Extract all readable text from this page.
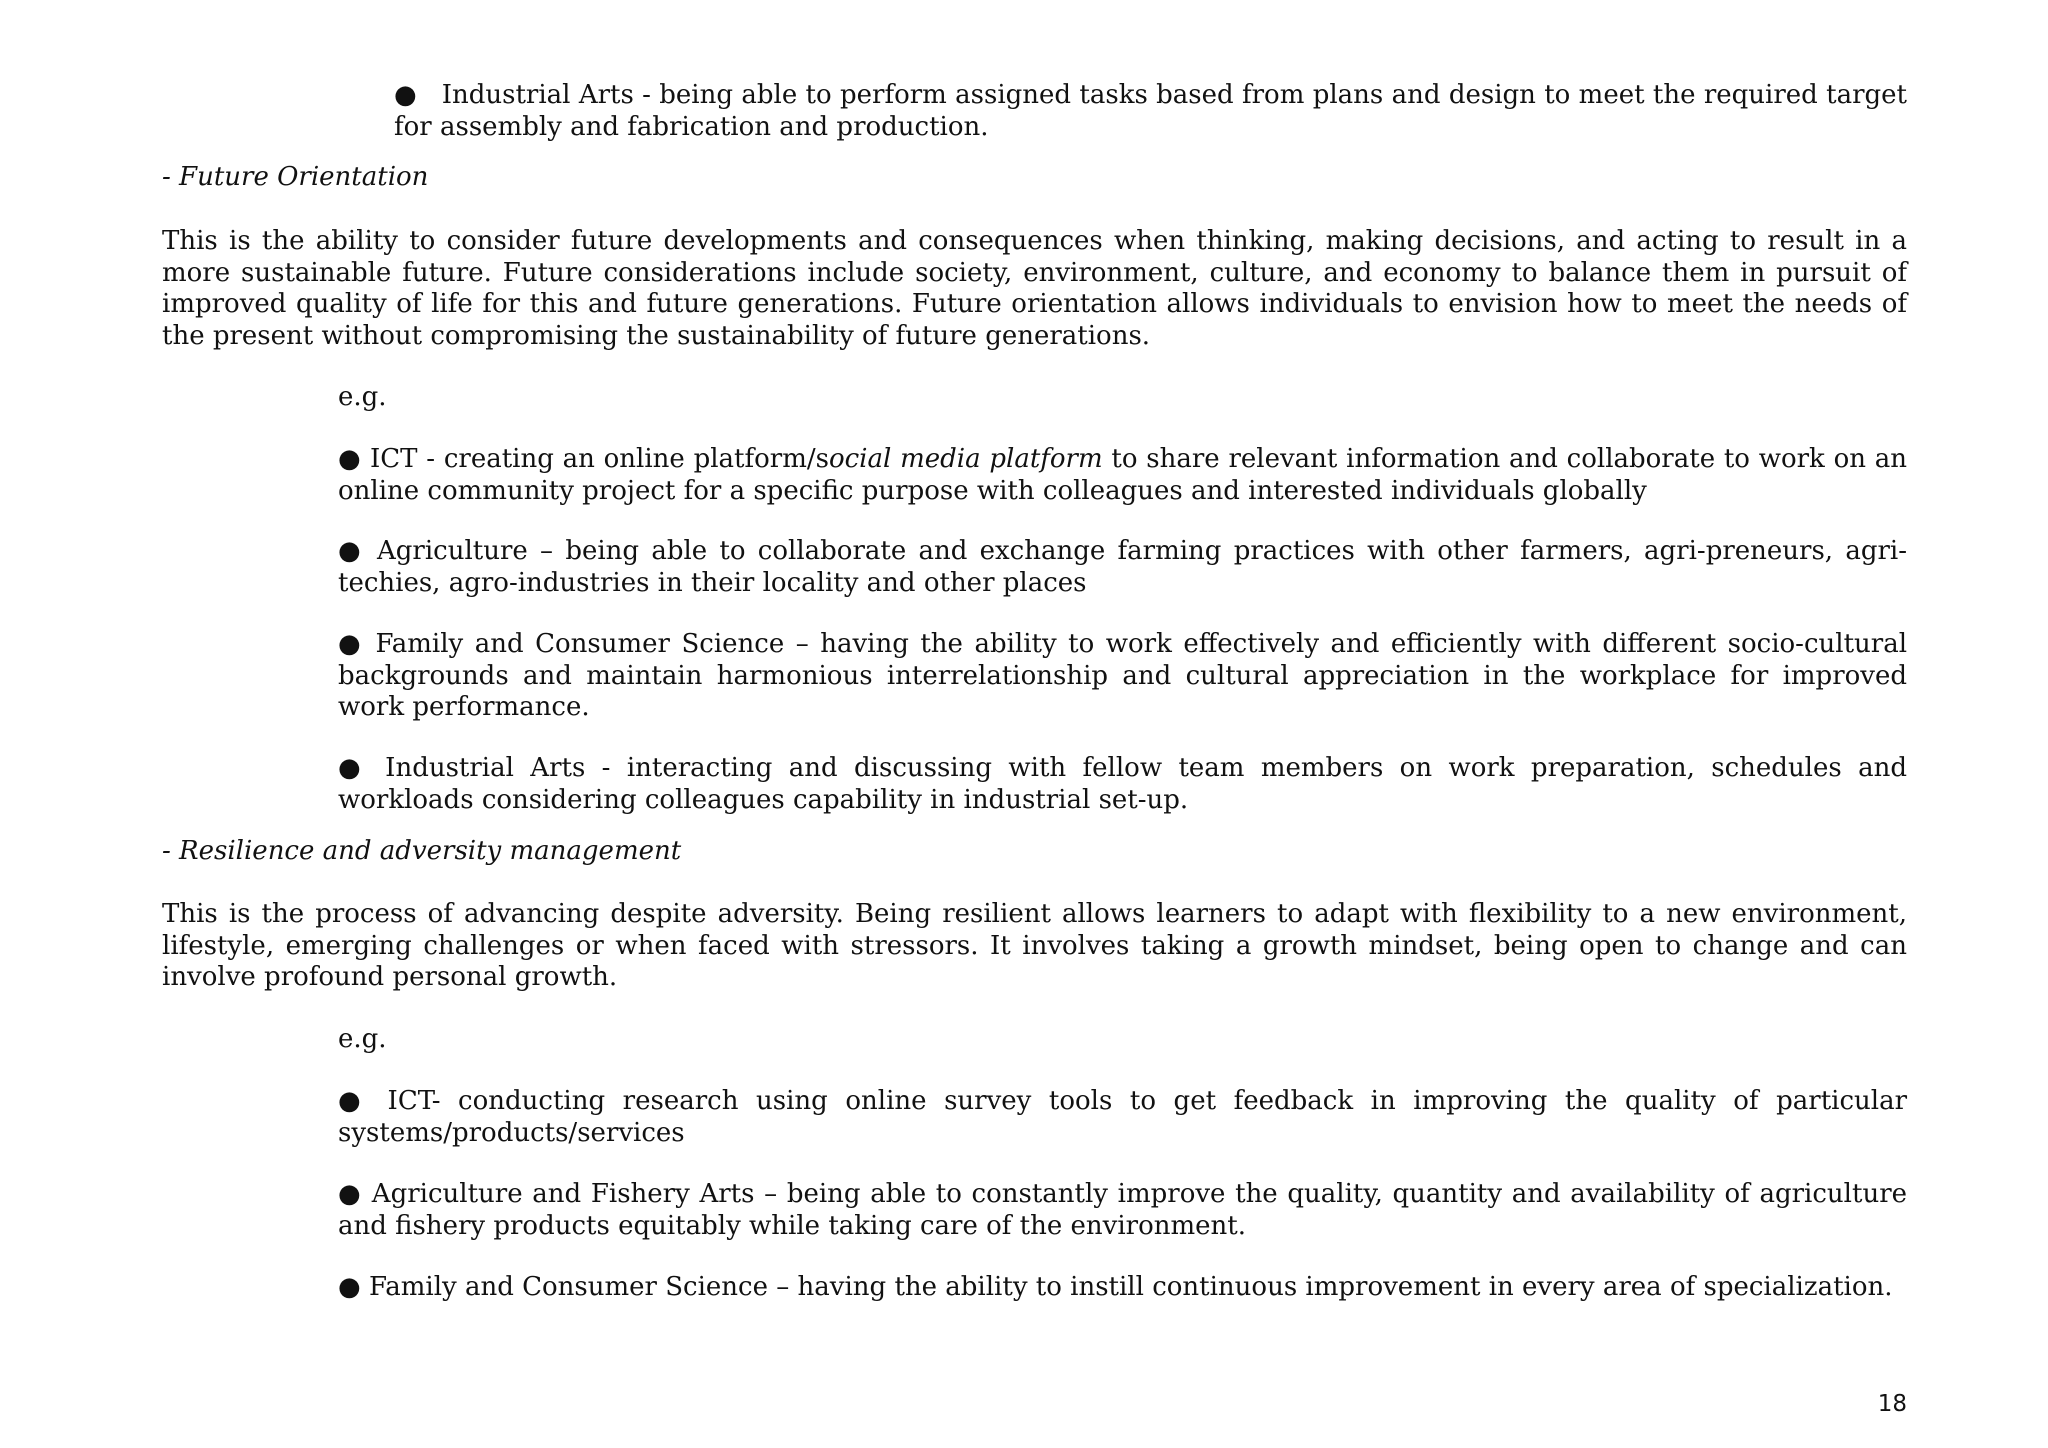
● Industrial Arts - being able to perform assigned tasks based from plans and design to meet the required target for assembly and fabrication and production.

- Future Orientation

This is the ability to consider future developments and consequences when thinking, making decisions, and acting to result in a more sustainable future. Future considerations include society, environment, culture, and economy to balance them in pursuit of improved quality of life for this and future generations. Future orientation allows individuals to envision how to meet the needs of the present without compromising the sustainability of future generations.

e.g.

● ICT - creating an online platform/social media platform to share relevant information and collaborate to work on an online community project for a specific purpose with colleagues and interested individuals globally

● Agriculture – being able to collaborate and exchange farming practices with other farmers, agri-preneurs, agri-techies, agro-industries in their locality and other places

● Family and Consumer Science – having the ability to work effectively and efficiently with different socio-cultural backgrounds and maintain harmonious interrelationship and cultural appreciation in the workplace for improved work performance.

● Industrial Arts - interacting and discussing with fellow team members on work preparation, schedules and workloads considering colleagues capability in industrial set-up.

- Resilience and adversity management

This is the process of advancing despite adversity. Being resilient allows learners to adapt with flexibility to a new environment, lifestyle, emerging challenges or when faced with stressors. It involves taking a growth mindset, being open to change and can involve profound personal growth.

e.g.

● ICT- conducting research using online survey tools to get feedback in improving the quality of particular systems/products/services

● Agriculture and Fishery Arts – being able to constantly improve the quality, quantity and availability of agriculture and fishery products equitably while taking care of the environment.

● Family and Consumer Science – having the ability to instill continuous improvement in every area of specialization.

18
